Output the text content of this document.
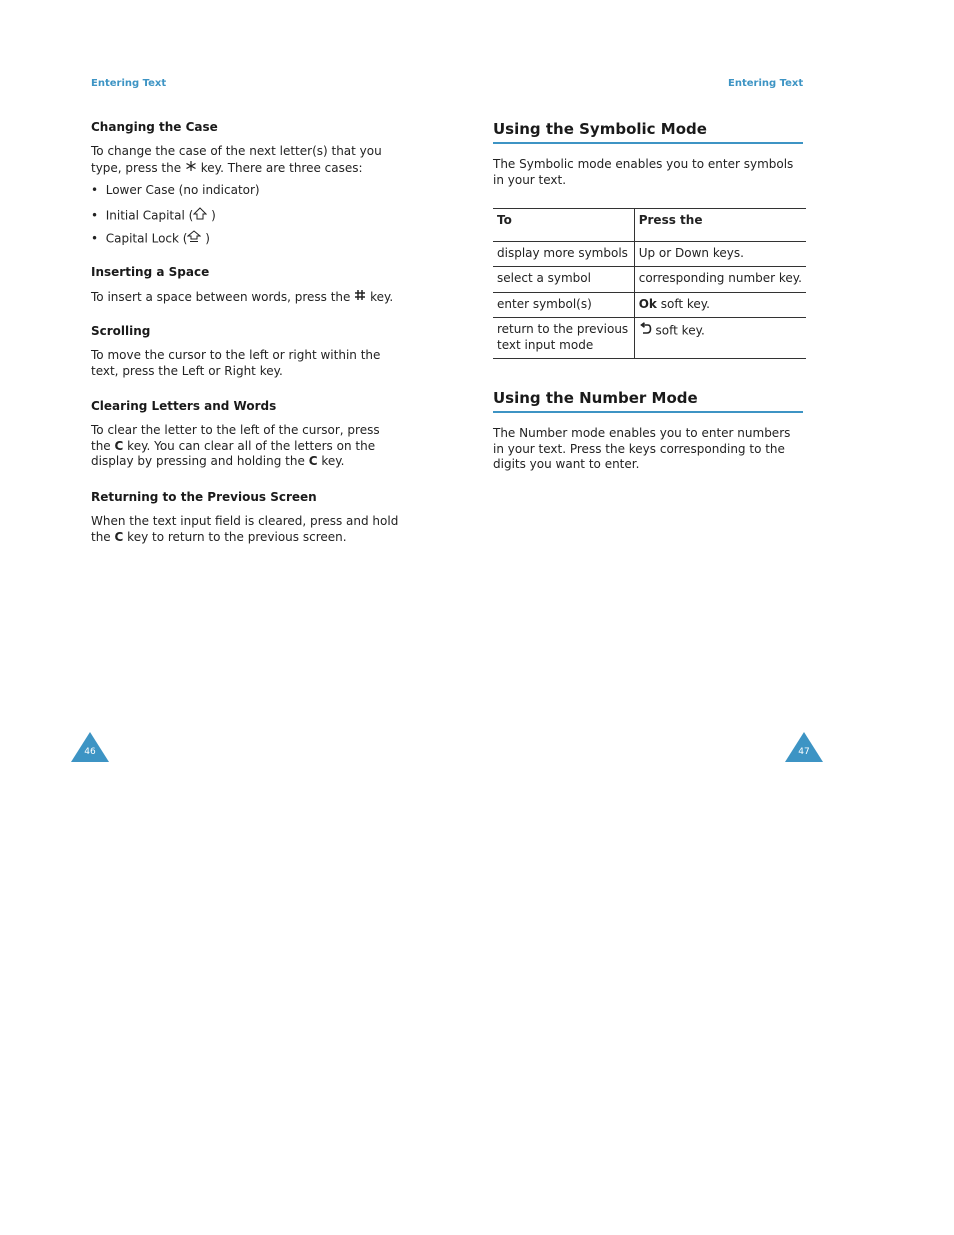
Entering Text
Changing the Case
To change the case of the next letter(s) that you type, press the key. There are three cases:
• Lower Case (no indicator)
• Initial Capital ( )
• Capital Lock ( )
Inserting a Space
To insert a space between words, press the key.
Scrolling
To move the cursor to the left or right within the text, press the Left or Right key.
Clearing Letters and Words
To clear the letter to the left of the cursor, press the C key. You can clear all of the letters on the display by pressing and holding the C key.
Returning to the Previous Screen
When the text input field is cleared, press and hold the C key to return to the previous screen.
46
Entering Text
Using the Symbolic Mode
The Symbolic mode enables you to enter symbols in your text.
To	Press the
display more symbols	Up or Down keys.
select a symbol	corresponding number key.
enter symbol(s)	Ok soft key.
return to the previous text input mode	soft key.
Using the Number Mode
The Number mode enables you to enter numbers in your text. Press the keys corresponding to the digits you want to enter.
47
